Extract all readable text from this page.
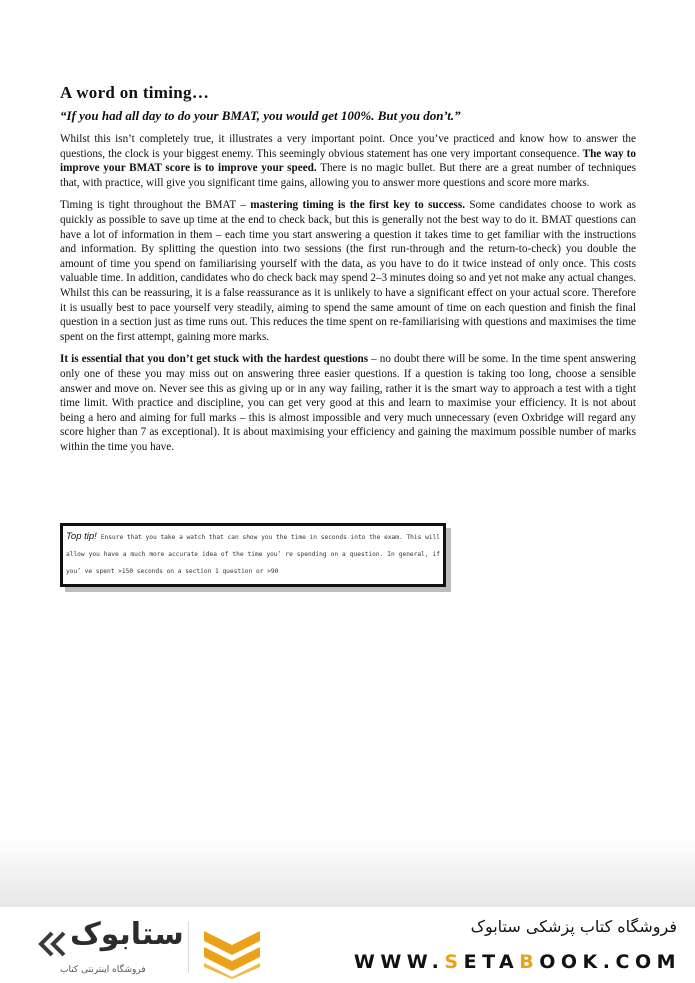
A word on timing…
“If you had all day to do your BMAT, you would get 100%. But you don’t.”

Whilst this isn’t completely true, it illustrates a very important point. Once you’ve practiced and know how to answer the questions, the clock is your biggest enemy. This seemingly obvious statement has one very important consequence. The way to improve your BMAT score is to improve your speed. There is no magic bullet. But there are a great number of techniques that, with practice, will give you significant time gains, allowing you to answer more questions and score more marks.

Timing is tight throughout the BMAT – mastering timing is the first key to success. Some candidates choose to work as quickly as possible to save up time at the end to check back, but this is generally not the best way to do it. BMAT questions can have a lot of information in them – each time you start answering a question it takes time to get familiar with the instructions and information. By splitting the question into two sessions (the first run-through and the return-to-check) you double the amount of time you spend on familiarising yourself with the data, as you have to do it twice instead of only once. This costs valuable time. In addition, candidates who do check back may spend 2–3 minutes doing so and yet not make any actual changes. Whilst this can be reassuring, it is a false reassurance as it is unlikely to have a significant effect on your actual score. Therefore it is usually best to pace yourself very steadily, aiming to spend the same amount of time on each question and finish the final question in a section just as time runs out. This reduces the time spent on re-familiarising with questions and maximises the time spent on the first attempt, gaining more marks.

It is essential that you don’t get stuck with the hardest questions – no doubt there will be some. In the time spent answering only one of these you may miss out on answering three easier questions. If a question is taking too long, choose a sensible answer and move on. Never see this as giving up or in any way failing, rather it is the smart way to approach a test with a tight time limit. With practice and discipline, you can get very good at this and learn to maximise your efficiency. It is not about being a hero and aiming for full marks – this is almost impossible and very much unnecessary (even Oxbridge will regard any score higher than 7 as exceptional). It is about maximising your efficiency and gaining the maximum possible number of marks within the time you have.

Top tip! Ensure that you take a watch that can show you the time in seconds into the exam. This will allow you have a much more accurate idea of the time you’ re spending on a question. In general, if you’ ve spent >150 seconds on a section 1 question or >90
ستابوک
فروشگاه اینترنتی کتاب
فروشگاه کتاب پزشکی ستابوک
WWW.SETABOOK.COM
